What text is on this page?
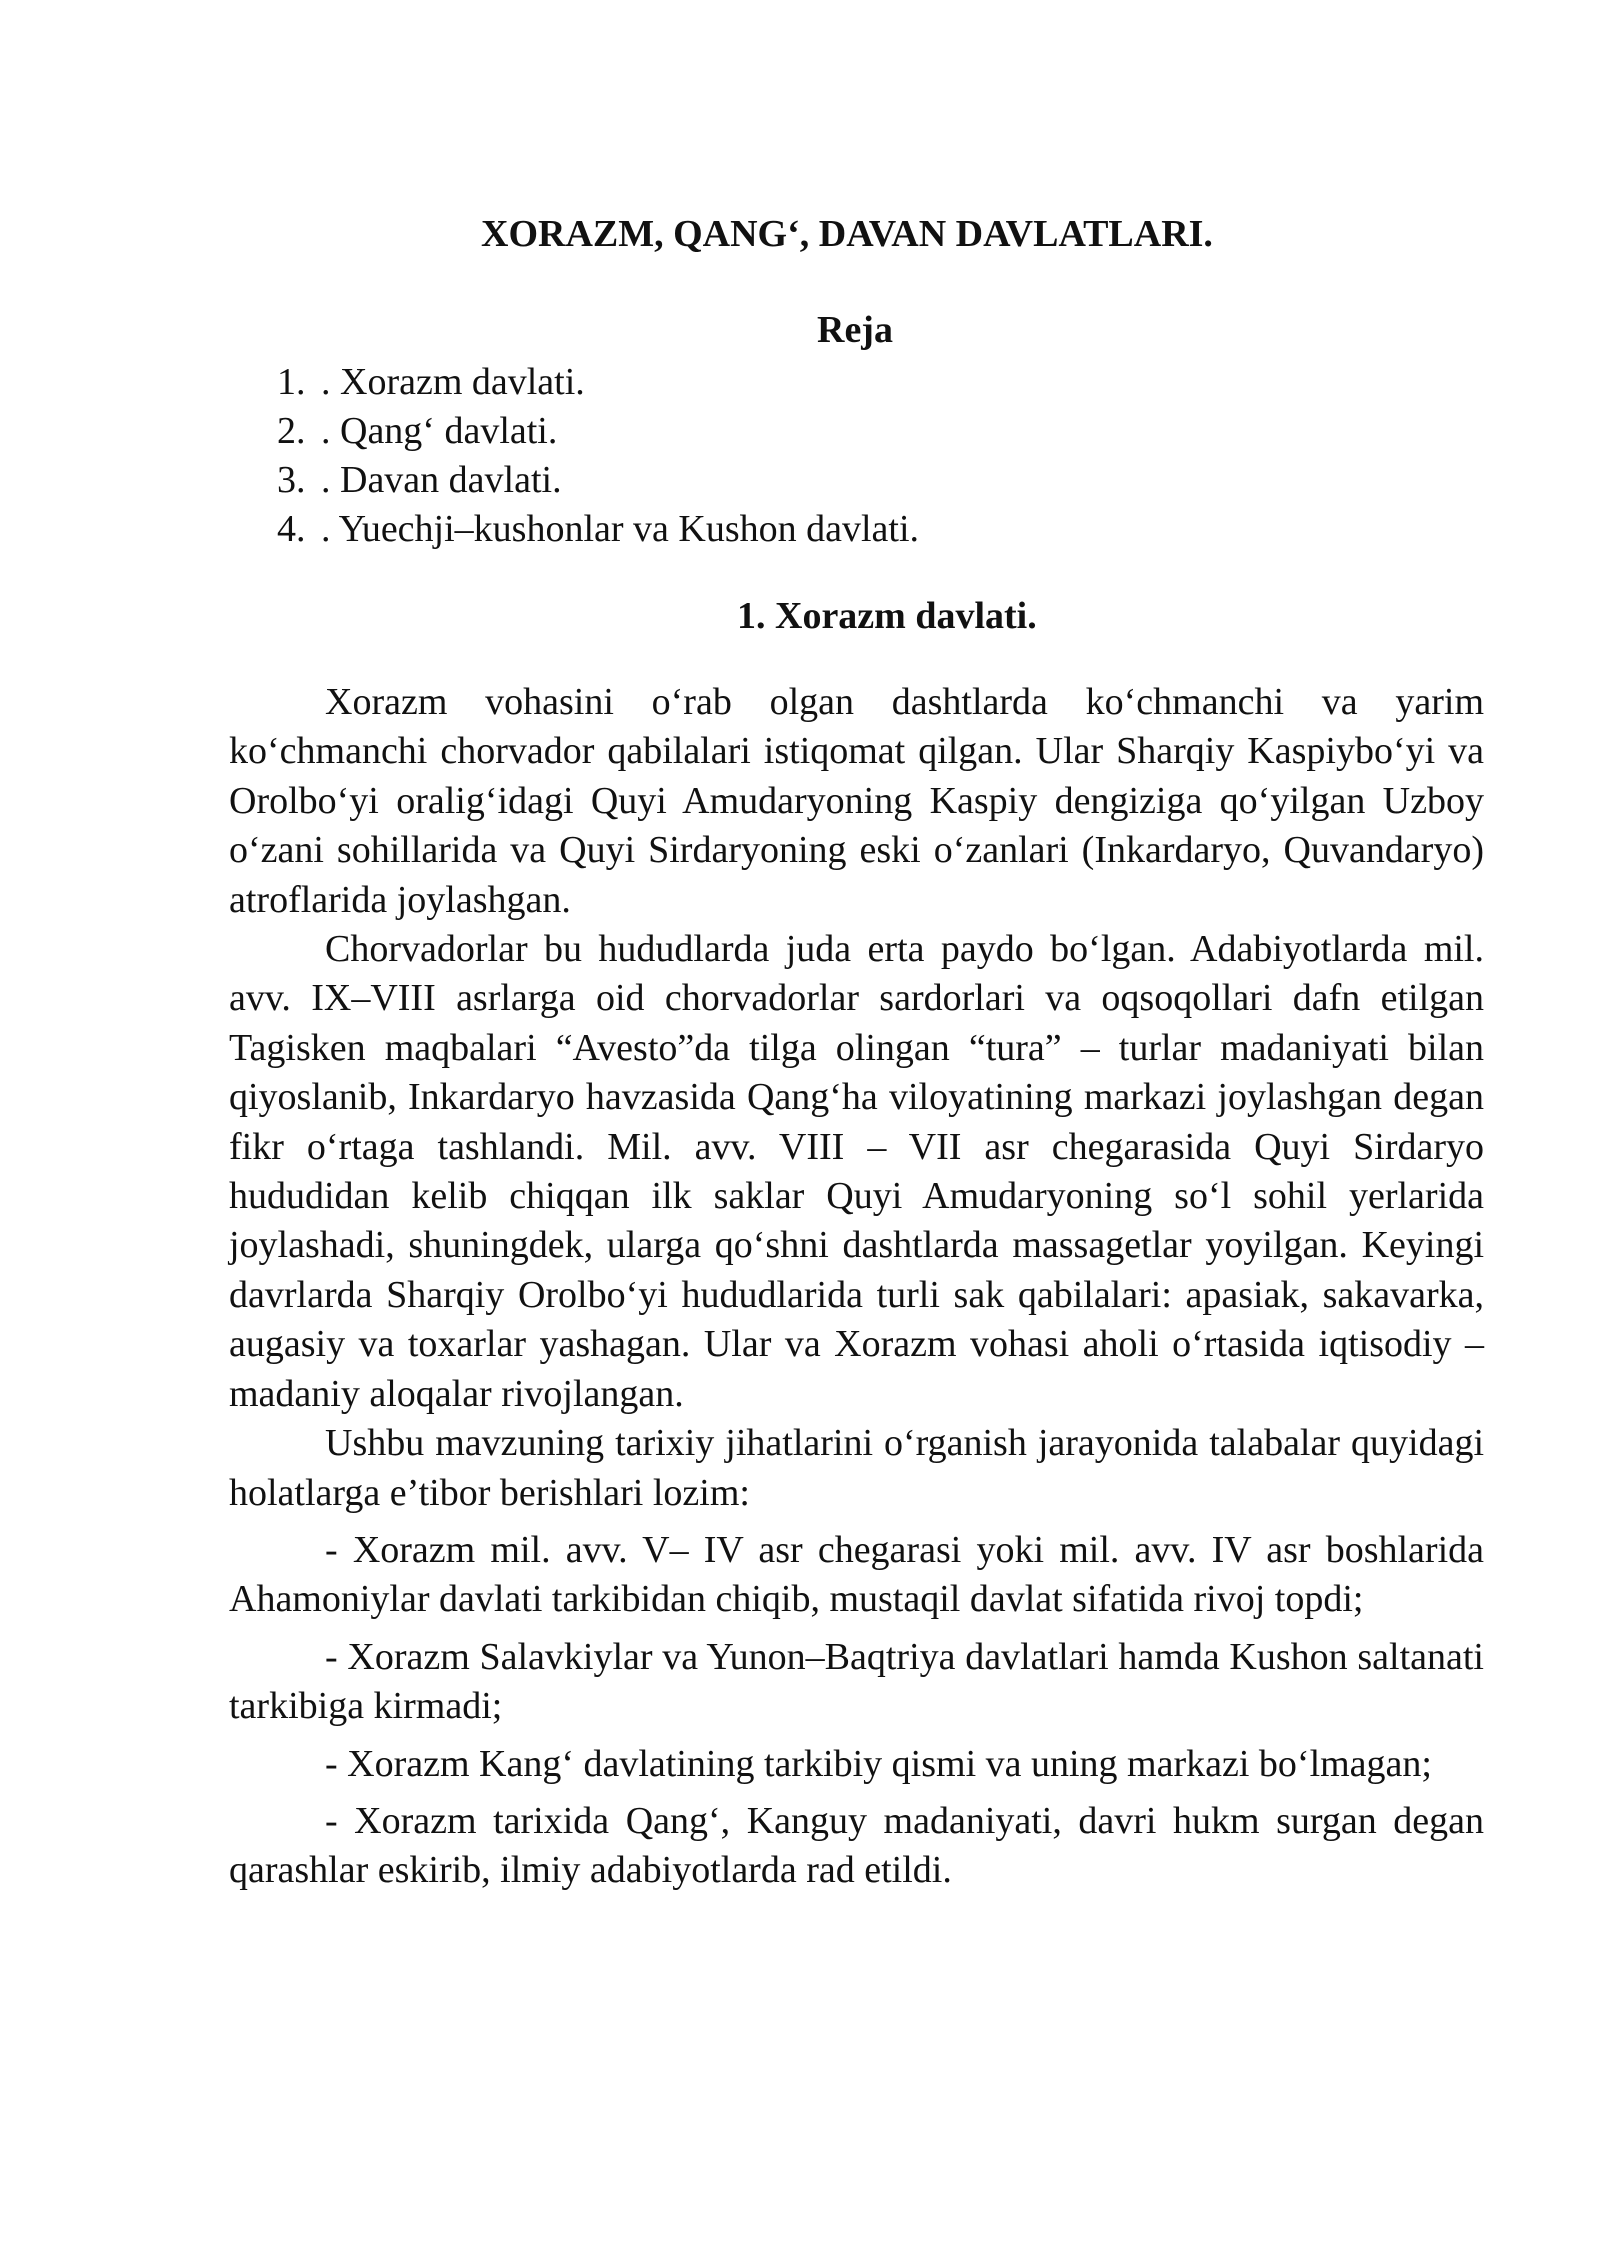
XORAZM, QANG‘, DAVAN DAVLATLARI.
Reja
1. . Xorazm davlati.
2. . Qang‘ davlati.
3. . Davan davlati.
4. . Yuechji–kushonlar va Kushon davlati.
1. Xorazm davlati.

Xorazm vohasini o‘rab olgan dashtlarda ko‘chmanchi va yarim ko‘chmanchi chorvador qabilalari istiqomat qilgan. Ular Sharqiy Kaspiybo‘yi va Orolbo‘yi oralig‘idagi Quyi Amudaryoning Kaspiy dengiziga qo‘yilgan Uzboy o‘zani sohillarida va Quyi Sirdaryoning eski o‘zanlari (Inkardaryo, Quvandaryo) atroflarida joylashgan.

Chorvadorlar bu hududlarda juda erta paydo bo‘lgan. Adabiyotlarda mil. avv. IX–VIII asrlarga oid chorvadorlar sardorlari va oqsoqollari dafn etilgan Tagisken maqbalari “Avesto”da tilga olingan “tura” – turlar madaniyati bilan qiyoslanib, Inkardaryo havzasida Qang‘ha viloyatining markazi joylashgan degan fikr o‘rtaga tashlandi. Mil. avv. VIII – VII asr chegarasida Quyi Sirdaryo hududidan kelib chiqqan ilk saklar Quyi Amudaryoning so‘l sohil yerlarida joylashadi, shuningdek, ularga qo‘shni dashtlarda massagetlar yoyilgan. Keyingi davrlarda Sharqiy Orolbo‘yi hududlarida turli sak qabilalari: apasiak, sakavarka, augasiy va toxarlar yashagan. Ular va Xorazm vohasi aholi o‘rtasida iqtisodiy – madaniy aloqalar rivojlangan.

Ushbu mavzuning tarixiy jihatlarini o‘rganish jarayonida talabalar quyidagi holatlarga e’tibor berishlari lozim:

- Xorazm mil. avv. V– IV asr chegarasi yoki mil. avv. IV asr boshlarida Ahamoniylar davlati tarkibidan chiqib, mustaqil davlat sifatida rivoj topdi;

- Xorazm Salavkiylar va Yunon–Baqtriya davlatlari hamda Kushon saltanati tarkibiga kirmadi;

- Xorazm Kang‘ davlatining tarkibiy qismi va uning markazi bo‘lmagan;

- Xorazm tarixida Qang‘, Kanguy madaniyati, davri hukm surgan degan qarashlar eskirib, ilmiy adabiyotlarda rad etildi.
